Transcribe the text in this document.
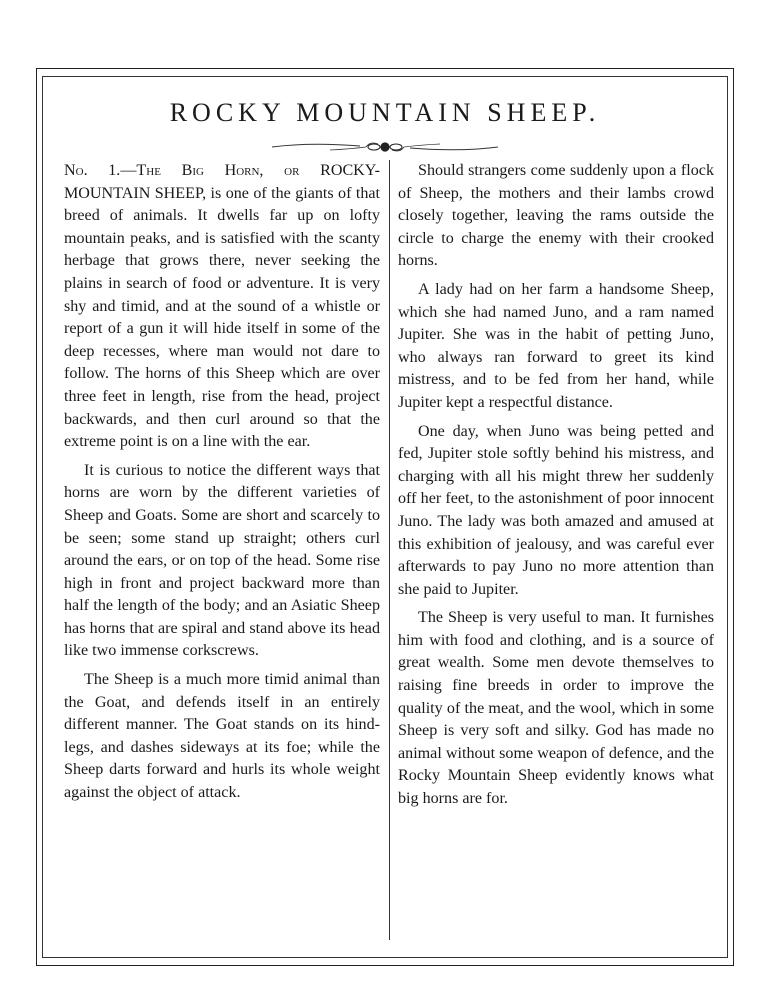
ROCKY MOUNTAIN SHEEP.

No. 1.—The Big Horn, or ROCKY-MOUNTAIN SHEEP, is one of the giants of that breed of animals. It dwells far up on lofty mountain peaks, and is satisfied with the scanty herbage that grows there, never seeking the plains in search of food or adventure. It is very shy and timid, and at the sound of a whistle or report of a gun it will hide itself in some of the deep recesses, where man would not dare to follow. The horns of this Sheep which are over three feet in length, rise from the head, project backwards, and then curl around so that the extreme point is on a line with the ear.

It is curious to notice the different ways that horns are worn by the different varieties of Sheep and Goats. Some are short and scarcely to be seen; some stand up straight; others curl around the ears, or on top of the head. Some rise high in front and project backward more than half the length of the body; and an Asiatic Sheep has horns that are spiral and stand above its head like two immense corkscrews.

The Sheep is a much more timid animal than the Goat, and defends itself in an entirely different manner. The Goat stands on its hind-legs, and dashes sideways at its foe; while the Sheep darts forward and hurls its whole weight against the object of attack.

Should strangers come suddenly upon a flock of Sheep, the mothers and their lambs crowd closely together, leaving the rams outside the circle to charge the enemy with their crooked horns.

A lady had on her farm a handsome Sheep, which she had named Juno, and a ram named Jupiter. She was in the habit of petting Juno, who always ran forward to greet its kind mistress, and to be fed from her hand, while Jupiter kept a respectful distance.

One day, when Juno was being petted and fed, Jupiter stole softly behind his mistress, and charging with all his might threw her suddenly off her feet, to the astonishment of poor innocent Juno. The lady was both amazed and amused at this exhibition of jealousy, and was careful ever afterwards to pay Juno no more attention than she paid to Jupiter.

The Sheep is very useful to man. It furnishes him with food and clothing, and is a source of great wealth. Some men devote themselves to raising fine breeds in order to improve the quality of the meat, and the wool, which in some Sheep is very soft and silky. God has made no animal without some weapon of defence, and the Rocky Mountain Sheep evidently knows what big horns are for.
